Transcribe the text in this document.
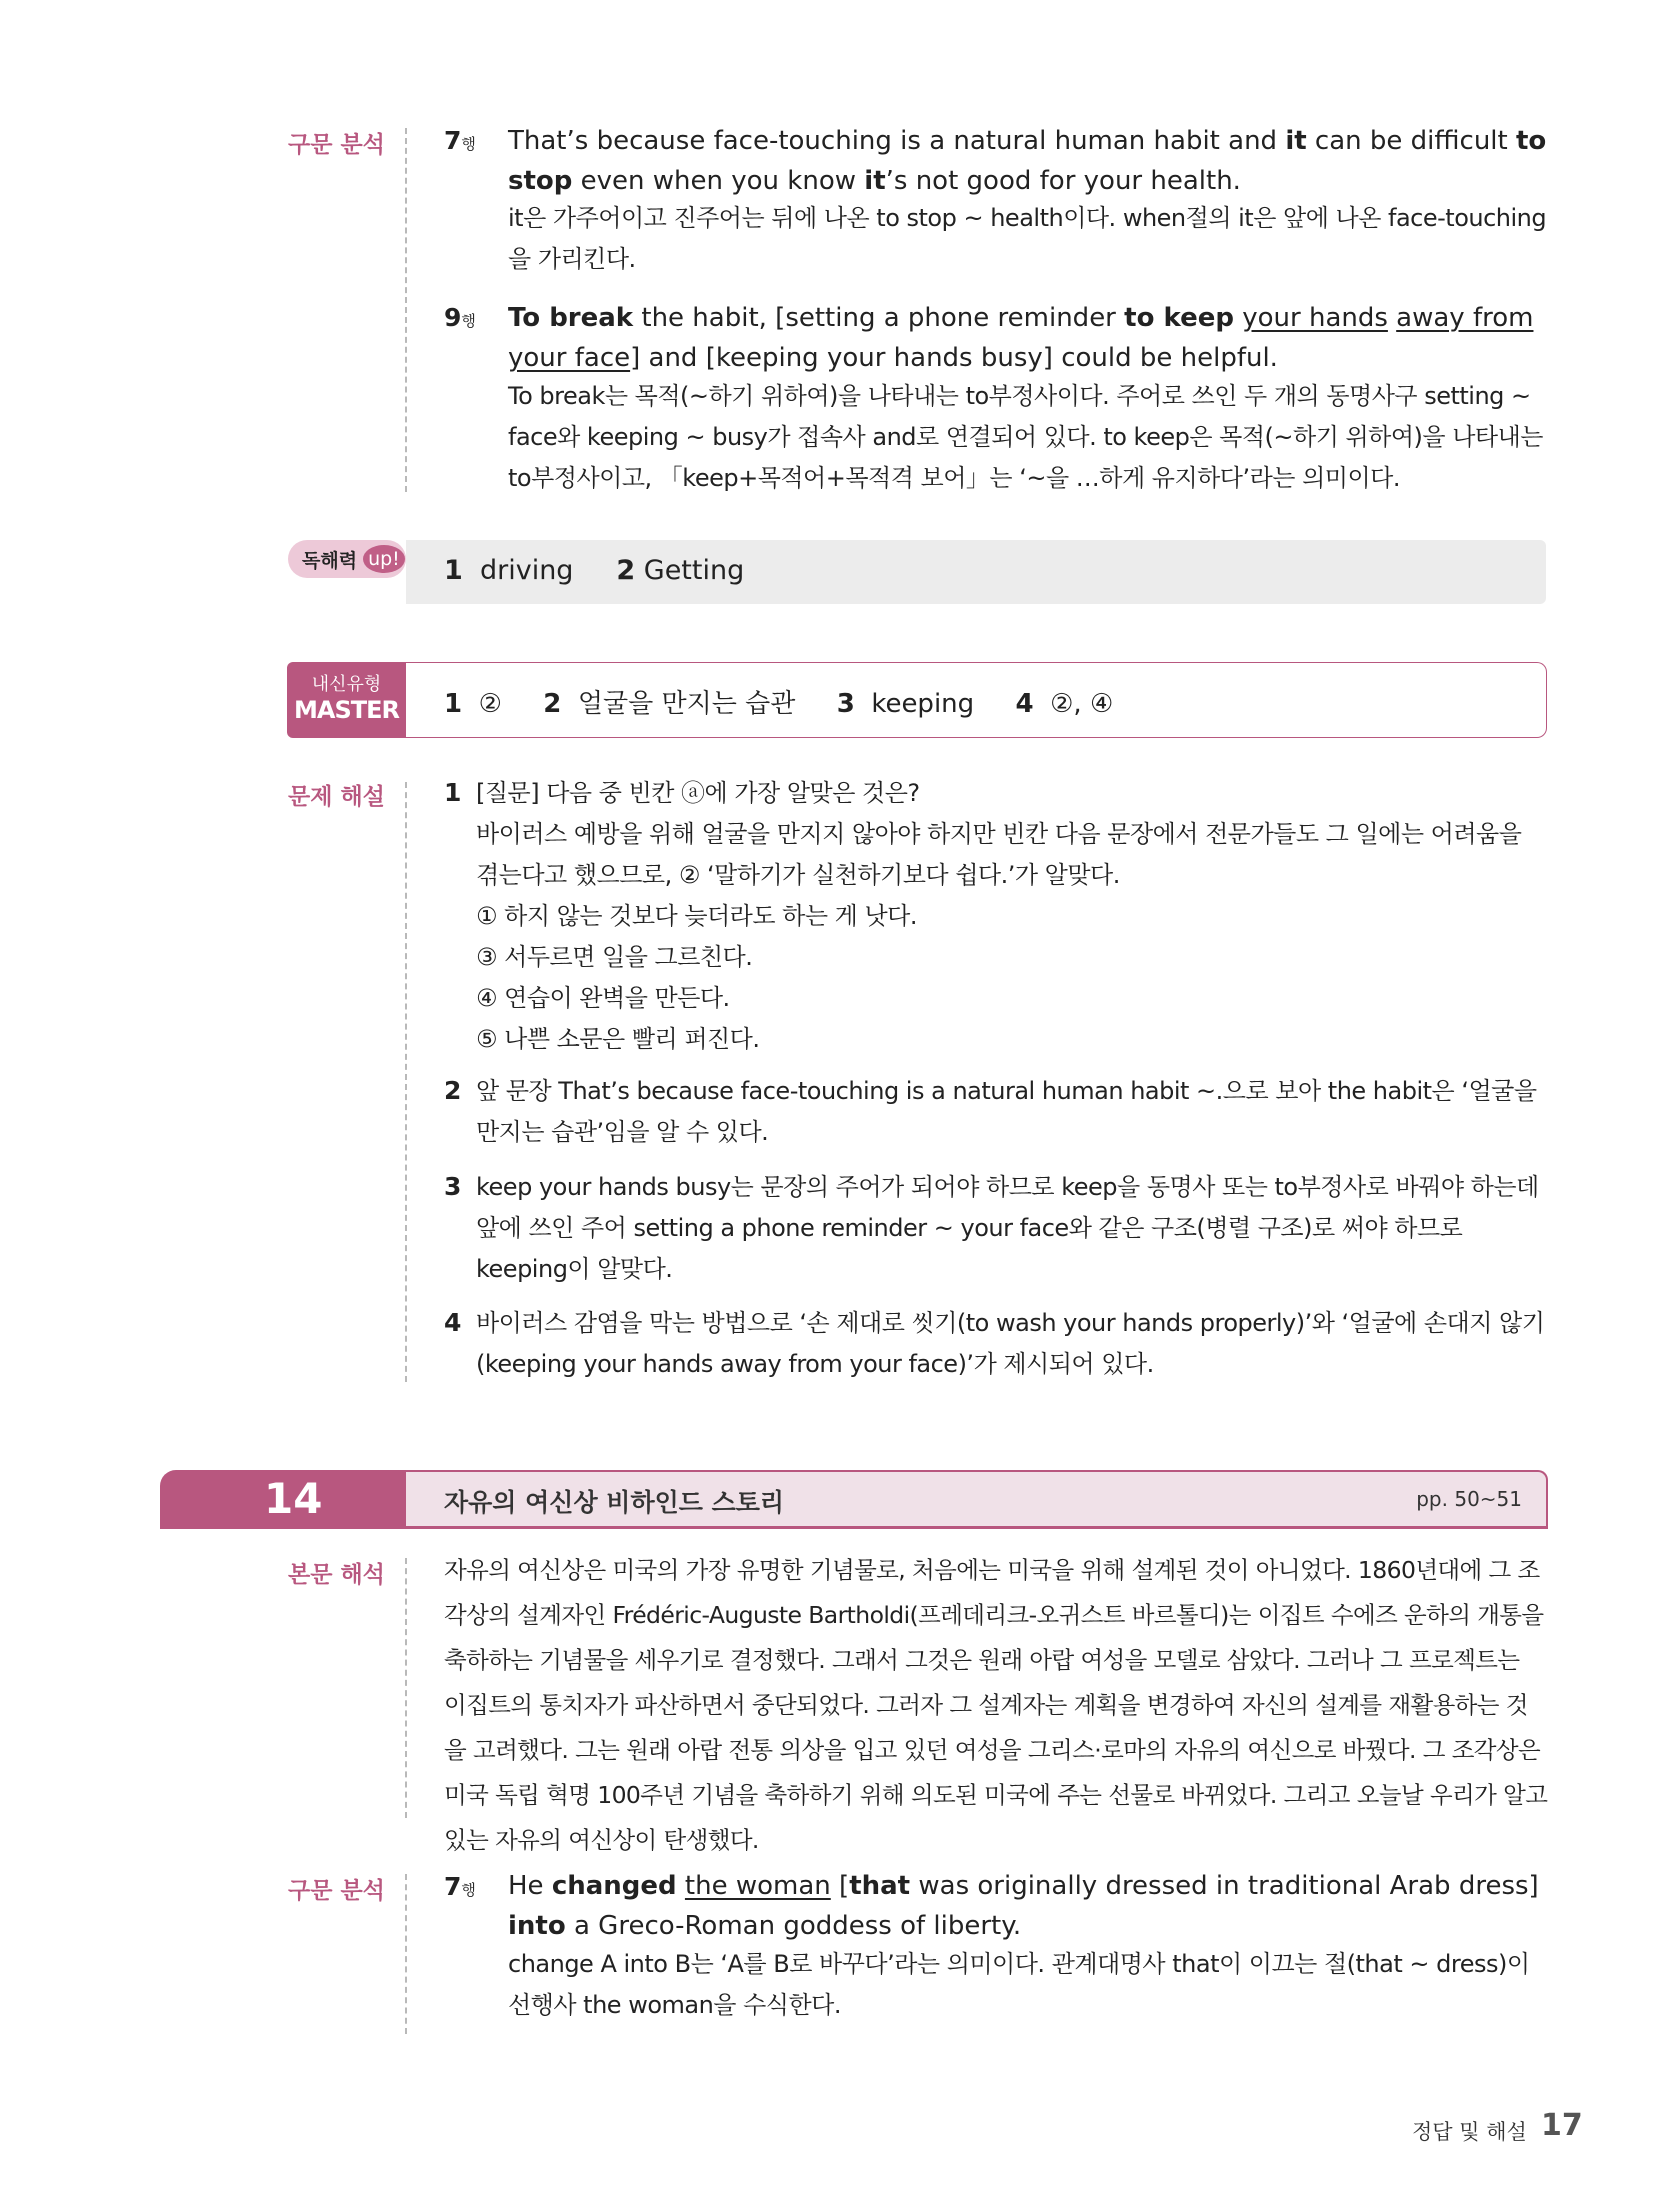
구문 분석	7행 That’s because face-touching is a natural human habit and it can be difficult to stop even when you know it’s not good for your health.
it은 가주어이고 진주어는 뒤에 나온 to stop ~ health이다. when절의 it은 앞에 나온 face-touching을 가리킨다.
9행 To break the habit, [setting a phone reminder to keep your hands away from your face] and [keeping your hands busy] could be helpful.
To break는 목적(~하기 위하여)을 나타내는 to부정사이다. 주어로 쓰인 두 개의 동명사구 setting ~ face와 keeping ~ busy가 접속사 and로 연결되어 있다. to keep은 목적(~하기 위하여)을 나타내는 to부정사이고, 「keep+목적어+목적격 보어」는 ‘~을 …하게 유지하다’라는 의미이다.
독해력 up! 1 driving 2 Getting
내신유형
MASTER 1 ② 2 얼굴을 만지는 습관 3 keeping 4 ②, ④
문제 해설	1 [질문] 다음 중 빈칸 ⓐ에 가장 알맞은 것은?
바이러스 예방을 위해 얼굴을 만지지 않아야 하지만 빈칸 다음 문장에서 전문가들도 그 일에는 어려움을 겪는다고 했으므로, ② ‘말하기가 실천하기보다 쉽다.’가 알맞다.
① 하지 않는 것보다 늦더라도 하는 게 낫다.
③ 서두르면 일을 그르친다.
④ 연습이 완벽을 만든다.
⑤ 나쁜 소문은 빨리 퍼진다.
2 앞 문장 That’s because face-touching is a natural human habit ~.으로 보아 the habit은 ‘얼굴을 만지는 습관’임을 알 수 있다.
3 keep your hands busy는 문장의 주어가 되어야 하므로 keep을 동명사 또는 to부정사로 바꿔야 하는데 앞에 쓰인 주어 setting a phone reminder ~ your face와 같은 구조(병렬 구조)로 써야 하므로 keeping이 알맞다.
4 바이러스 감염을 막는 방법으로 ‘손 제대로 씻기(to wash your hands properly)’와 ‘얼굴에 손대지 않기(keeping your hands away from your face)’가 제시되어 있다.
14	자유의 여신상 비하인드 스토리	pp. 50~51
본문 해석	자유의 여신상은 미국의 가장 유명한 기념물로, 처음에는 미국을 위해 설계된 것이 아니었다. 1860년대에 그 조각상의 설계자인 Frédéric-Auguste Bartholdi(프레데리크-오귀스트 바르톨디)는 이집트 수에즈 운하의 개통을 축하하는 기념물을 세우기로 결정했다. 그래서 그것은 원래 아랍 여성을 모델로 삼았다. 그러나 그 프로젝트는 이집트의 통치자가 파산하면서 중단되었다. 그러자 그 설계자는 계획을 변경하여 자신의 설계를 재활용하는 것을 고려했다. 그는 원래 아랍 전통 의상을 입고 있던 여성을 그리스·로마의 자유의 여신으로 바꿨다. 그 조각상은 미국 독립 혁명 100주년 기념을 축하하기 위해 의도된 미국에 주는 선물로 바뀌었다. 그리고 오늘날 우리가 알고 있는 자유의 여신상이 탄생했다.
구문 분석	7행 He changed the woman [that was originally dressed in traditional Arab dress] into a Greco-Roman goddess of liberty.
change A into B는 ‘A를 B로 바꾸다’라는 의미이다. 관계대명사 that이 이끄는 절(that ~ dress)이 선행사 the woman을 수식한다.
정답 및 해설 17
